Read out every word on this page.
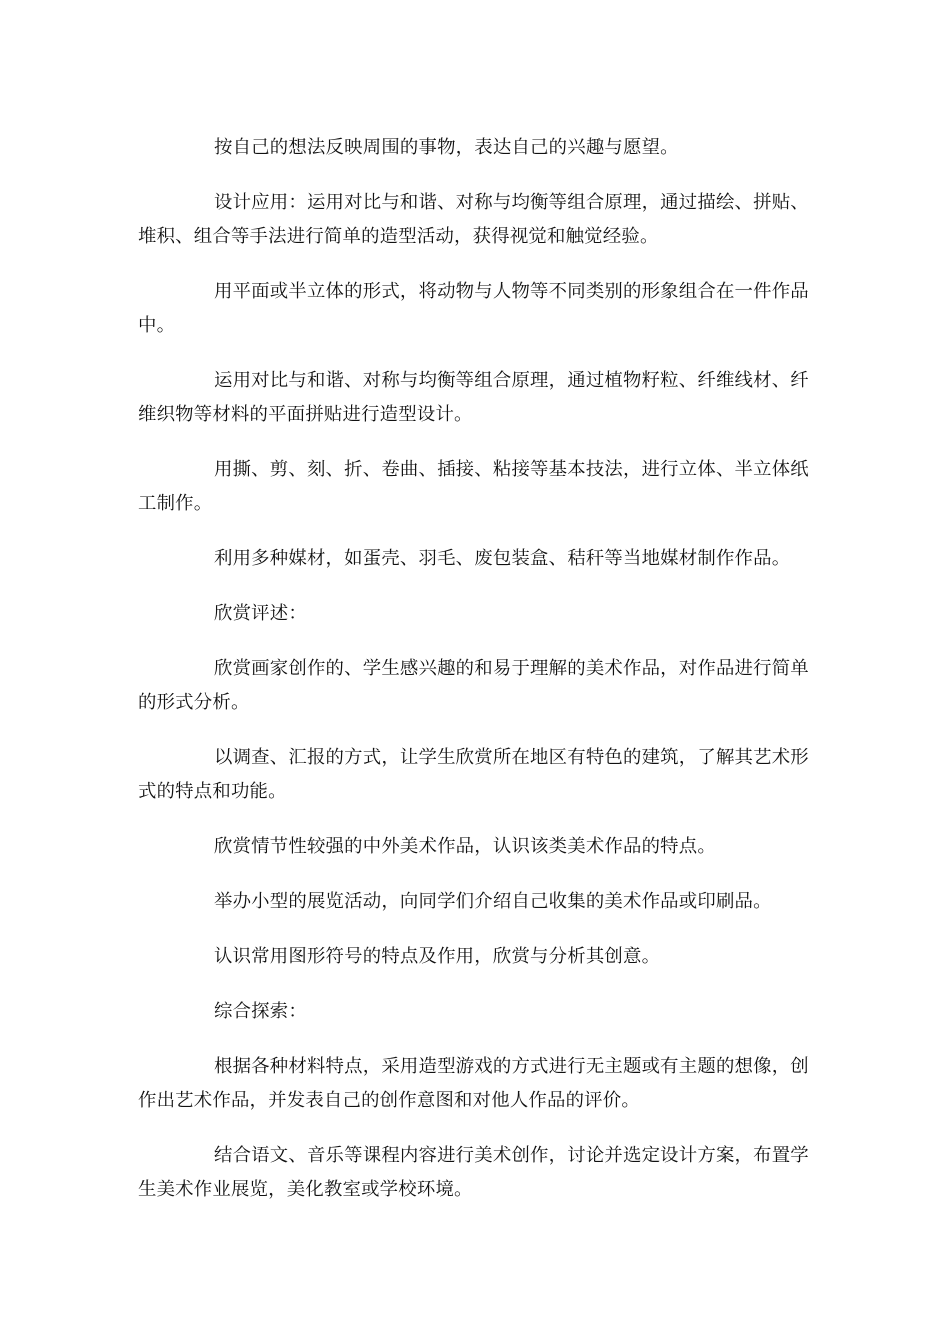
按自己的想法反映周围的事物，表达自己的兴趣与愿望。

设计应用：运用对比与和谐、对称与均衡等组合原理，通过描绘、拼贴、堆积、组合等手法进行简单的造型活动，获得视觉和触觉经验。

用平面或半立体的形式，将动物与人物等不同类别的形象组合在一件作品中。

运用对比与和谐、对称与均衡等组合原理，通过植物籽粒、纤维线材、纤维织物等材料的平面拼贴进行造型设计。

用撕、剪、刻、折、卷曲、插接、粘接等基本技法，进行立体、半立体纸工制作。

利用多种媒材，如蛋壳、羽毛、废包装盒、秸秆等当地媒材制作作品。

欣赏评述：

欣赏画家创作的、学生感兴趣的和易于理解的美术作品，对作品进行简单的形式分析。

以调查、汇报的方式，让学生欣赏所在地区有特色的建筑，了解其艺术形式的特点和功能。

欣赏情节性较强的中外美术作品，认识该类美术作品的特点。

举办小型的展览活动，向同学们介绍自己收集的美术作品或印刷品。

认识常用图形符号的特点及作用，欣赏与分析其创意。

综合探索：

根据各种材料特点，采用造型游戏的方式进行无主题或有主题的想像，创作出艺术作品，并发表自己的创作意图和对他人作品的评价。

结合语文、音乐等课程内容进行美术创作，讨论并选定设计方案，布置学生美术作业展览，美化教室或学校环境。
